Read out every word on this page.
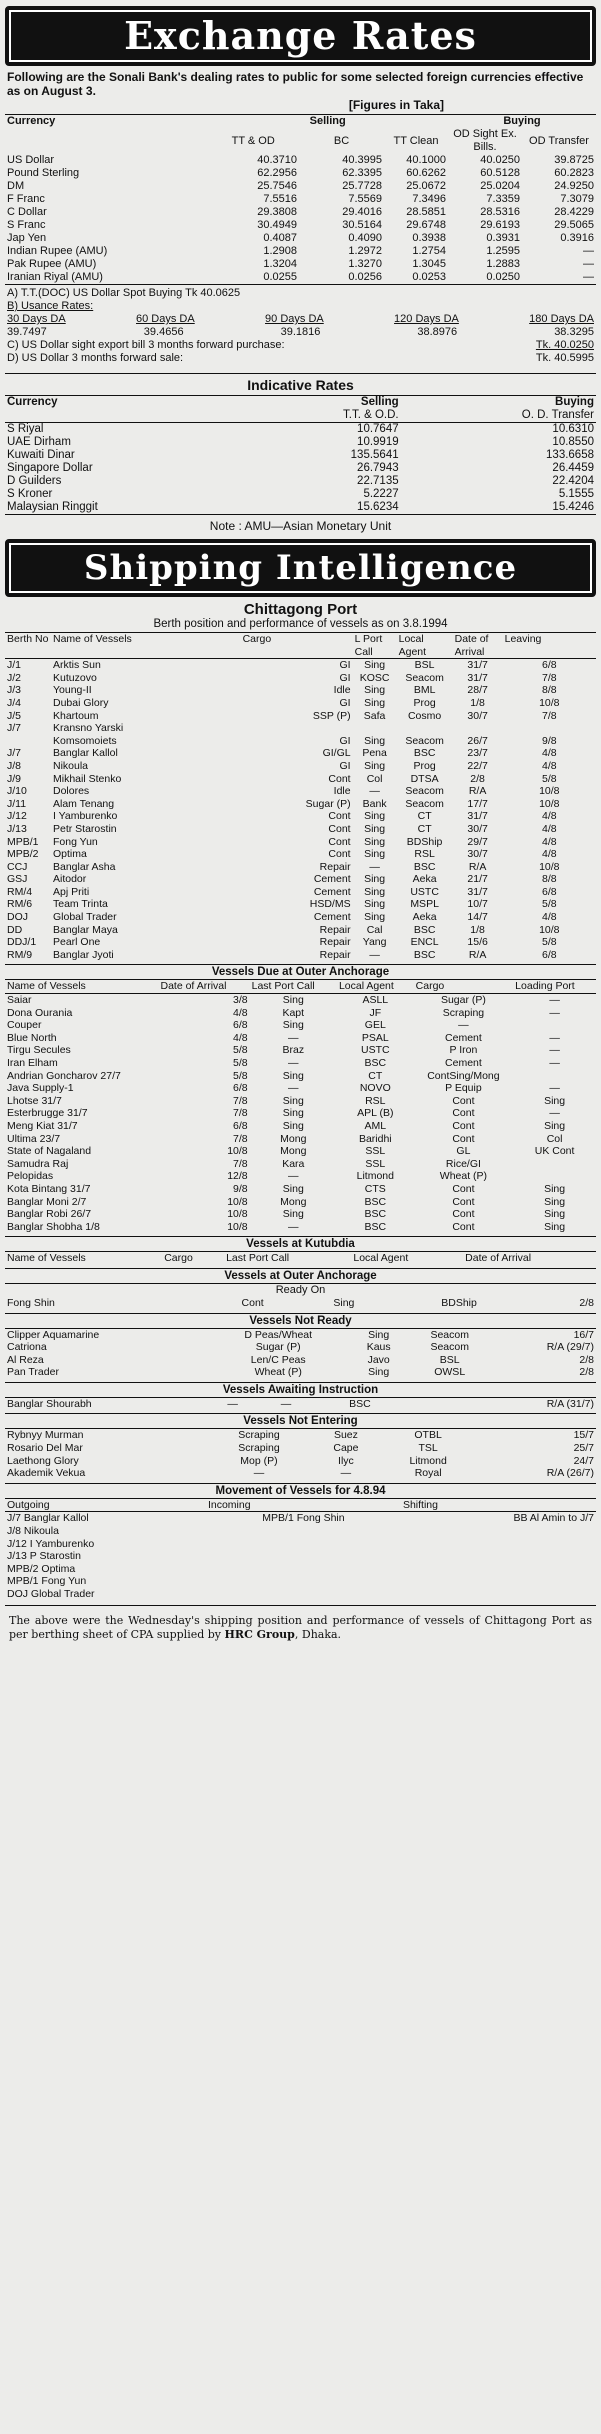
Exchange Rates
Following are the Sonali Bank's dealing rates to public for some selected foreign currencies effective as on August 3.
[Figures in Taka]
Currency	Selling			Buying	
	TT & OD	BC	TT Clean	OD Sight Ex. Bills.	OD Transfer
US Dollar	40.3710	40.3995	40.1000	40.0250	39.8725
Pound Sterling	62.2956	62.3395	60.6262	60.5128	60.2823
DM	25.7546	25.7728	25.0672	25.0204	24.9250
F Franc	7.5516	7.5569	7.3496	7.3359	7.3079
C Dollar	29.3808	29.4016	28.5851	28.5316	28.4229
S Franc	30.4949	30.5164	29.6748	29.6193	29.5065
Jap Yen	0.4087	0.4090	0.3938	0.3931	0.3916
Indian Rupee (AMU)	1.2908	1.2972	1.2754	1.2595	—
Pak Rupee (AMU)	1.3204	1.3270	1.3045	1.2883	—
Iranian Riyal (AMU)	0.0255	0.0256	0.0253	0.0250	—
A) T.T.(DOC) US Dollar Spot Buying Tk 40.0625
B) Usance Rates:
30 Days DA	60 Days DA	90 Days DA	120 Days DA	180 Days DA
39.7497	39.4656	39.1816	38.8976	38.3295
C) US Dollar sight export bill 3 months forward purchase:	Tk. 40.0250
D) US Dollar 3 months forward sale:	Tk. 40.5995
Indicative Rates
Currency	Selling	Buying
	T.T. & O.D.	O. D. Transfer
S Riyal	10.7647	10.6310
UAE Dirham	10.9919	10.8550
Kuwaiti Dinar	135.5641	133.6658
Singapore Dollar	26.7943	26.4459
D Guilders	22.7135	22.4204
S Kroner	5.2227	5.1555
Malaysian Ringgit	15.6234	15.4246
Note : AMU—Asian Monetary Unit
Shipping Intelligence
Chittagong Port
Berth position and performance of vessels as on 3.8.1994
Berth No	Name of Vessels	Cargo	L Port Call	Local Agent	Date of Arrival	Leaving
J/1	Arktis Sun	GI	Sing	BSL	31/7	6/8
J/2	Kutuzovo	GI	KOSC	Seacom	31/7	7/8
J/3	Young-II	Idle	Sing	BML	28/7	8/8
J/4	Dubai Glory	GI	Sing	Prog	1/8	10/8
J/5	Khartoum	SSP (P)	Safa	Cosmo	30/7	7/8
J/7	Kransno Yarski					
	Komsomoiets	GI	Sing	Seacom	26/7	9/8
J/7	Banglar Kallol	GI/GL	Pena	BSC	23/7	4/8
J/8	Nikoula	GI	Sing	Prog	22/7	4/8
J/9	Mikhail Stenko	Cont	Col	DTSA	2/8	5/8
J/10	Dolores	Idle	—	Seacom	R/A	10/8
J/11	Alam Tenang	Sugar (P)	Bank	Seacom	17/7	10/8
J/12	I Yamburenko	Cont	Sing	CT	31/7	4/8
J/13	Petr Starostin	Cont	Sing	CT	30/7	4/8
MPB/1	Fong Yun	Cont	Sing	BDShip	29/7	4/8
MPB/2	Optima	Cont	Sing	RSL	30/7	4/8
CCJ	Banglar Asha	Repair	—	BSC	R/A	10/8
GSJ	Aitodor	Cement	Sing	Aeka	21/7	8/8
RM/4	Apj Priti	Cement	Sing	USTC	31/7	6/8
RM/6	Team Trinta	HSD/MS	Sing	MSPL	10/7	5/8
DOJ	Global Trader	Cement	Sing	Aeka	14/7	4/8
DD	Banglar Maya	Repair	Cal	BSC	1/8	10/8
DDJ/1	Pearl One	Repair	Yang	ENCL	15/6	5/8
RM/9	Banglar Jyoti	Repair	—	BSC	R/A	6/8
Vessels Due at Outer Anchorage
Name of Vessels	Date of Arrival	Last Port Call	Local Agent	Cargo	Loading Port
Saiar	3/8	Sing	ASLL	Sugar (P)	—
Dona Ourania	4/8	Kapt	JF	Scraping	—
Couper	6/8	Sing	GEL	—	
Blue North	4/8	—	PSAL	Cement	—
Tirgu Secules	5/8	Braz	USTC	P Iron	—
Iran Elham	5/8	—	BSC	Cement	—
Andrian Goncharov 27/7	5/8	Sing	CT	ContSing/Mong	
Java Supply-1	6/8	—	NOVO	P Equip	—
Lhotse 31/7	7/8	Sing	RSL	Cont	Sing
Esterbrugge 31/7	7/8	Sing	APL (B)	Cont	—
Meng Kiat 31/7	6/8	Sing	AML	Cont	Sing
Ultima 23/7	7/8	Mong	Baridhi	Cont	Col
State of Nagaland	10/8	Mong	SSL	GL	UK Cont
Samudra Raj	7/8	Kara	SSL	Rice/GI	
Pelopidas	12/8	—	Litmond	Wheat (P)	
Kota Bintang 31/7	9/8	Sing	CTS	Cont	Sing
Banglar Moni 2/7	10/8	Mong	BSC	Cont	Sing
Banglar Robi 26/7	10/8	Sing	BSC	Cont	Sing
Banglar Shobha 1/8	10/8	—	BSC	Cont	Sing
Vessels at Kutubdia
Name of Vessels	Cargo	Last Port Call	Local Agent	Date of Arrival
Vessels at Outer Anchorage
Ready On
Fong Shin	Cont	Sing	BDShip	2/8
Vessels Not Ready
Clipper Aquamarine	D Peas/Wheat	Sing	Seacom	16/7
Catriona	Sugar (P)	Kaus	Seacom	R/A (29/7)
Al Reza	Len/C Peas	Javo	BSL	2/8
Pan Trader	Wheat (P)	Sing	OWSL	2/8
Vessels Awaiting Instruction
Banglar Shourabh	—	—	BSC	R/A (31/7)
Vessels Not Entering
Rybnyy Murman	Scraping	Suez	OTBL	15/7
Rosario Del Mar	Scraping	Cape	TSL	25/7
Laethong Glory	Mop (P)	Ilyc	Litmond	24/7
Akademik Vekua	—	—	Royal	R/A (26/7)
Movement of Vessels for 4.8.94
Outgoing	Incoming	Shifting
J/7 Banglar Kallol	MPB/1 Fong Shin	BB Al Amin to J/7
J/8 Nikoula		
J/12 I Yamburenko		
J/13 P Starostin		
MPB/2 Optima		
MPB/1 Fong Yun		
DOJ Global Trader		
The above were the Wednesday's shipping position and performance of vessels of Chittagong Port as per berthing sheet of CPA supplied by HRC Group, Dhaka.
